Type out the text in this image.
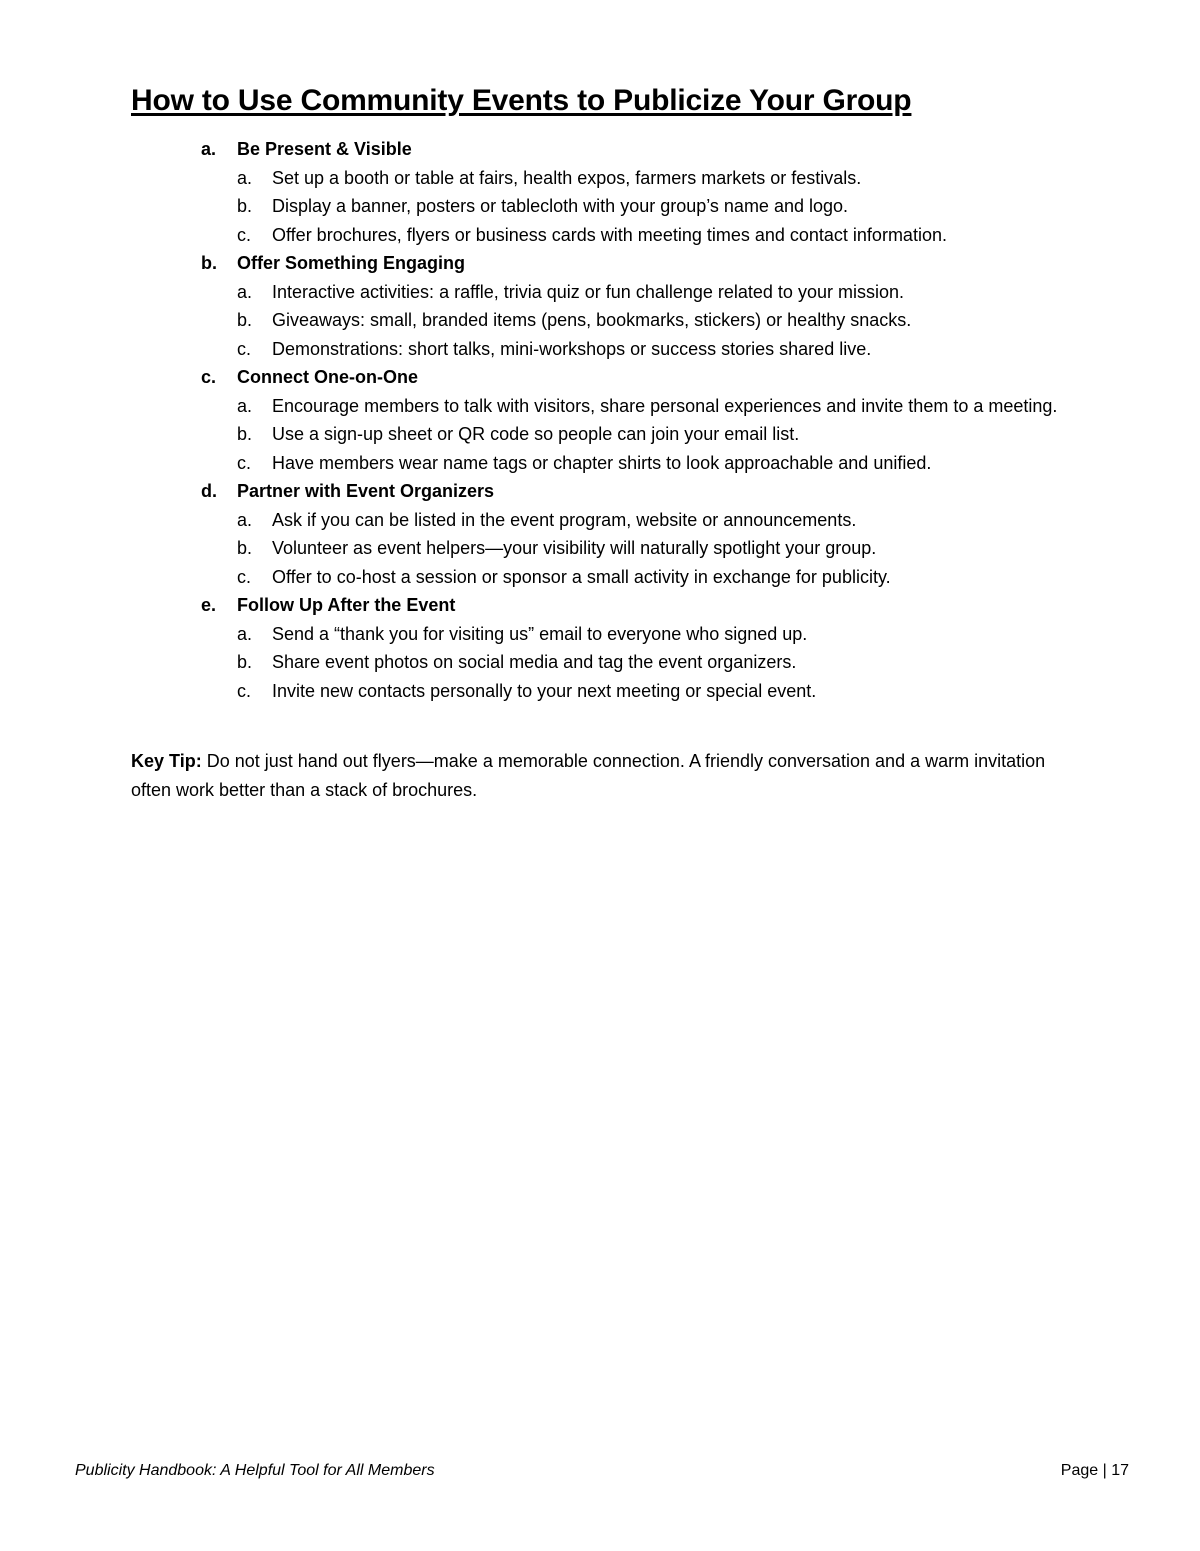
How to Use Community Events to Publicize Your Group
a.	Be Present & Visible
a.	Set up a booth or table at fairs, health expos, farmers markets or festivals.
b.	Display a banner, posters or tablecloth with your group’s name and logo.
c.	Offer brochures, flyers or business cards with meeting times and contact information.
b.	Offer Something Engaging
a.	Interactive activities: a raffle, trivia quiz or fun challenge related to your mission.
b.	Giveaways: small, branded items (pens, bookmarks, stickers) or healthy snacks.
c.	Demonstrations: short talks, mini-workshops or success stories shared live.
c.	Connect One-on-One
a.	Encourage members to talk with visitors, share personal experiences and invite them to a meeting.
b.	Use a sign-up sheet or QR code so people can join your email list.
c.	Have members wear name tags or chapter shirts to look approachable and unified.
d.	Partner with Event Organizers
a.	Ask if you can be listed in the event program, website or announcements.
b.	Volunteer as event helpers—your visibility will naturally spotlight your group.
c.	Offer to co-host a session or sponsor a small activity in exchange for publicity.
e.	Follow Up After the Event
a.	Send a “thank you for visiting us” email to everyone who signed up.
b.	Share event photos on social media and tag the event organizers.
c.	Invite new contacts personally to your next meeting or special event.

Key Tip: Do not just hand out flyers—make a memorable connection. A friendly conversation and a warm invitation often work better than a stack of brochures.

Publicity Handbook: A Helpful Tool for All Members	Page | 17
